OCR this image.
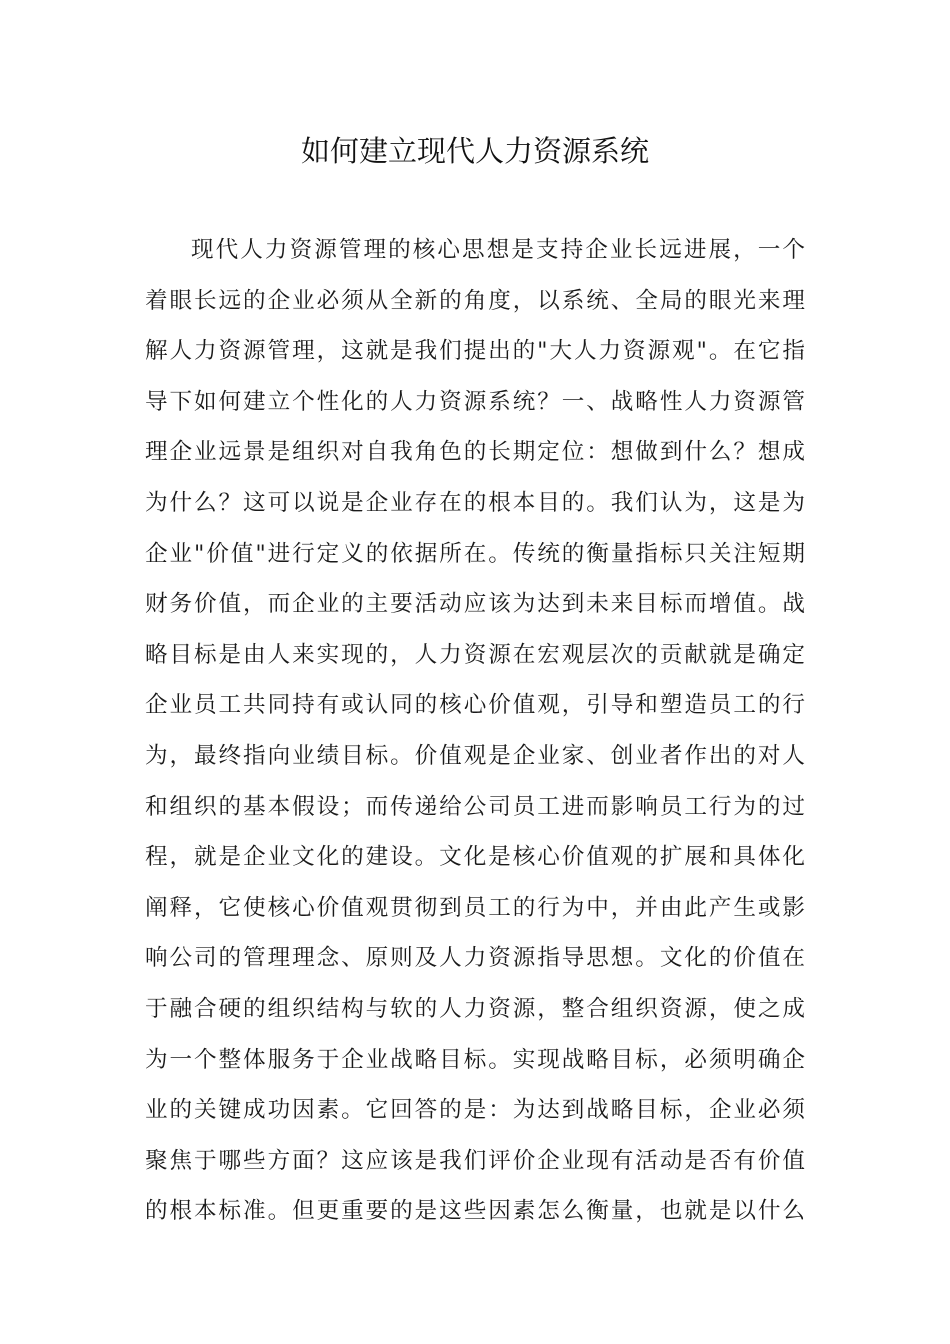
如何建立现代人力资源系统
现代人力资源管理的核心思想是支持企业长远进展，一个
着眼长远的企业必须从全新的角度，以系统、全局的眼光来理
解人力资源管理，这就是我们提出的"大人力资源观"。在它指
导下如何建立个性化的人力资源系统？一、战略性人力资源管
理企业远景是组织对自我角色的长期定位：想做到什么？想成
为什么？这可以说是企业存在的根本目的。我们认为，这是为
企业"价值"进行定义的依据所在。传统的衡量指标只关注短期
财务价值，而企业的主要活动应该为达到未来目标而增值。战
略目标是由人来实现的，人力资源在宏观层次的贡献就是确定
企业员工共同持有或认同的核心价值观，引导和塑造员工的行
为，最终指向业绩目标。价值观是企业家、创业者作出的对人
和组织的基本假设；而传递给公司员工进而影响员工行为的过
程，就是企业文化的建设。文化是核心价值观的扩展和具体化
阐释，它使核心价值观贯彻到员工的行为中，并由此产生或影
响公司的管理理念、原则及人力资源指导思想。文化的价值在
于融合硬的组织结构与软的人力资源，整合组织资源，使之成
为一个整体服务于企业战略目标。实现战略目标，必须明确企
业的关键成功因素。它回答的是：为达到战略目标，企业必须
聚焦于哪些方面？这应该是我们评价企业现有活动是否有价值
的根本标准。但更重要的是这些因素怎么衡量，也就是以什么
